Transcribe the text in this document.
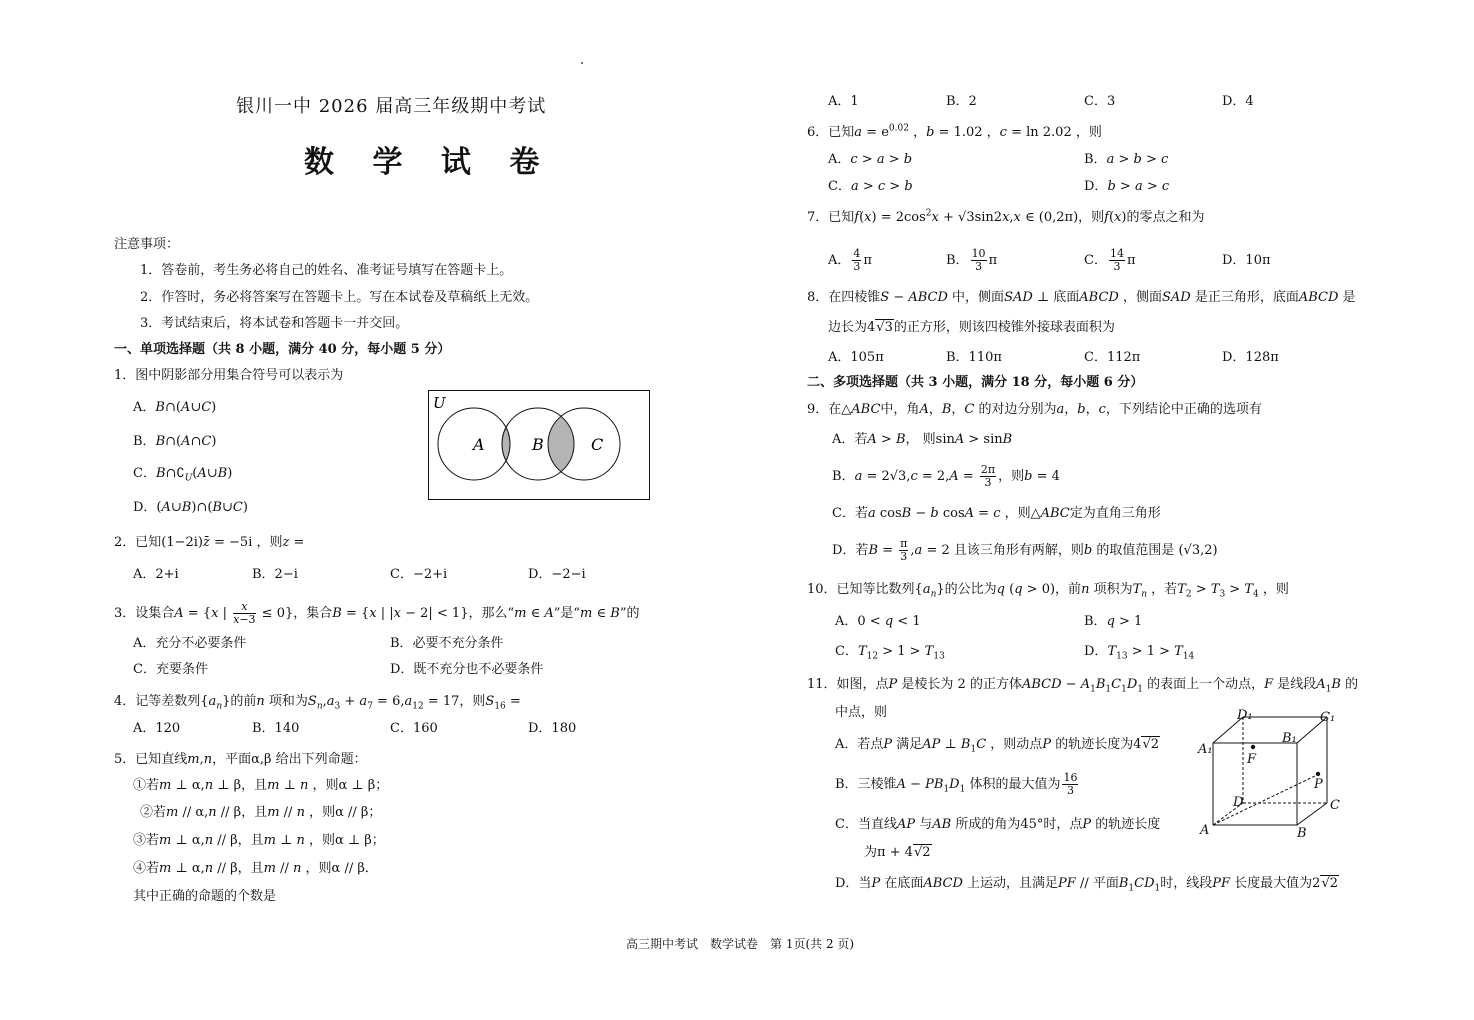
银川一中 2026 届高三年级期中考试
数 学 试 卷
注意事项：
1．答卷前，考生务必将自己的姓名、准考证号填写在答题卡上。
2．作答时，务必将答案写在答题卡上。写在本试卷及草稿纸上无效。
3．考试结束后，将本试卷和答题卡一并交回。
一、单项选择题（共 8 小题，满分 40 分，每小题 5 分）
1．图中阴影部分用集合符号可以表示为
A．B∩(A∪C)
B．B∩(A∩C)
C．$B\cap∁_U(A\cup B)$
D．(A∪B)∩(B∪C)
U
A	B	C
2．已知(1−2i)z̄ = −5i ，则z =
A．2+i	B．2−i	C．−2+i	D．−2−i
3．设集合A = {x | $\frac{x}{x-3} \le 0$}，集合B = {x | |x − 2| < 1}，那么“m ∈ A”是“m ∈ B”的
A．充分不必要条件	B．必要不充分条件
C．充要条件	D．既不充分也不必要条件
4．记等差数列$\{a_n\}$的前n 项和为$S_n,a_3 + a_7 = 6,a_{12} = 17$，则$S_{16}$ =
A．120	B．140	C．160	D．180
5．已知直线m,n，平面α,β 给出下列命题：
①若m ⊥ α,n ⊥ β，且m ⊥ n ，则α ⊥ β；
②若m // α,n // β，且m // n ，则α // β；
③若m ⊥ α,n // β，且m ⊥ n ，则α ⊥ β；
④若m ⊥ α,n // β，且m // n ，则α // β．
其中正确的命题的个数是
A．1	B．2	C．3	D．4
6．已知$a = e^{0.02}$ ，b = 1.02 ，c = ln 2.02 ，则
A．c > a > b	B．a > b > c
C．a > c > b	D．b > a > c
7．已知$f(x) = 2\cos^2x + √3\sin 2x,x$ ∈ (0,2π)，则f(x)的零点之和为
A． $\frac{4}{3}$ π	B． $\frac{10}{3}$ π	C． $\frac{14}{3}$ π	D．10π
8．在四棱锥S − ABCD 中，侧面SAD ⊥ 底面ABCD ，侧面SAD 是正三角形，底面ABCD 是
边长为4√3的正方形，则该四棱锥外接球表面积为
A．105π	B．110π	C．112π	D．128π
二、多项选择题（共 3 小题，满分 18 分，每小题 6 分）
9．在△ABC中，角A，B，C 的对边分别为a，b，c，下列结论中正确的选项有
A．若A > B， 则sinA > sinB
B．$a = 2√3,c = 2,A = \frac{2\pi}{3}$ ，则b = 4
C．若a cosB − b cosA = c ，则△ABC定为直角三角形
D．若$B = \frac{\pi}{3} ,a = 2$ 且该三角形有两解，则b 的取值范围是 (√3,2)
10．已知等比数列$\{a_n\}$的公比为q (q > 0)，前n 项积为$T_n$ ，若$T_2 > T_3 > T_4$ ，则
A．0 < q < 1	B．q > 1
C．$T_{12} > 1 > T_{13}$	D．$T_{13} > 1 > T_{14}$
11．如图，点P 是棱长为 2 的正方体ABCD − $A_1B_1C_1D_1$ 的表面上一个动点，F 是线段$A_1B$ 的
中点，则
A．若点P 满足AP ⊥ $B_1C$ ，则动点P 的轨迹长度为4√2
B．三棱锥$A - PB_1D_1$ 体积的最大值为 $\frac{16}{3}$
C．当直线AP 与AB 所成的角为45°时，点P 的轨迹长度
为π + 4√2
D．当P 在底面ABCD 上运动，且满足PF // 平面$B_1CD_1$时，线段PF 长度最大值为2√2
D₁	C₁
A₁
B₁
F
P
D	C
A	B
高三期中考试　数学试卷　第 1页(共 2 页)
